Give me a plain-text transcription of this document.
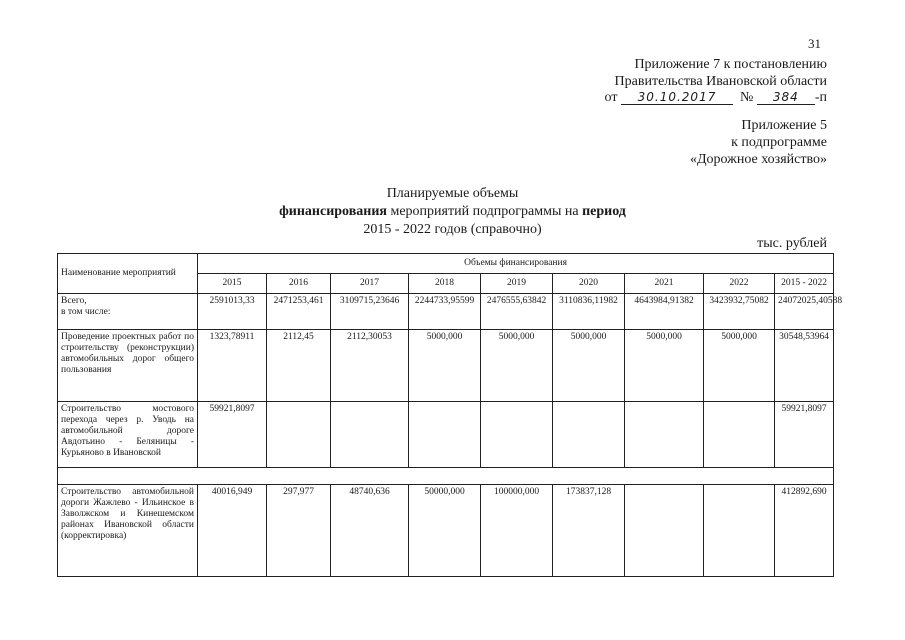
31
Приложение 7 к постановлению
Правительства Ивановской области
от 30.10.2017 № 384 -п
Приложение 5
к подпрограмме
«Дорожное хозяйство»
Планируемые объемы
финансирования мероприятий подпрограммы на период
2015 - 2022 годов (справочно)
тыс. рублей
Наименование мероприятий	Объемы финансирования								
	2015	2016	2017	2018	2019	2020	2021	2022	2015 - 2022

Всего,
в том числе:	2591013,33	2471253,461	3109715,23646	2244733,95599	2476555,63842	3110836,11982	4643984,91382	3423932,75082	24072025,40588
Проведение проектных работ по строительству (реконструкции) автомобильных дорог общего пользования	1323,78911	2112,45	2112,30053	5000,000	5000,000	5000,000	5000,000	5000,000	30548,53964
Строительство мостового перехода через р. Уводь на автомобильной дороге Авдотьино - Беляницы - Курьяново в Ивановской	59921,8097								59921,8097

Строительство автомобильной дороги Жажлево - Ильинское в Заволжском и Кинешемском районах Ивановской области (корректировка)	40016,949	297,977	48740,636	50000,000	100000,000	173837,128			412892,690
